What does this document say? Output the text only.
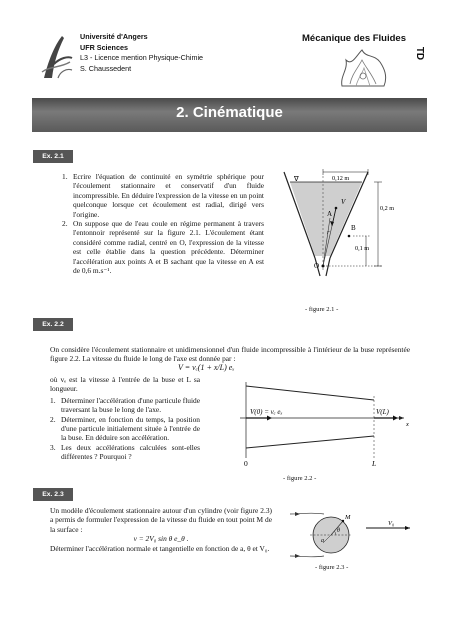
Université d'Angers
UFR Sciences
L3 - Licence mention Physique-Chimie
S. Chaussedent
Mécanique des Fluides
TD
2. Cinématique
Ex. 2.1
1. Ecrire l'équation de continuité en symétrie sphérique pour l'écoulement stationnaire et conservatif d'un fluide incompressible. En déduire l'expression de la vitesse en un point quelconque lorsque cet écoulement est radial, dirigé vers l'origine.
2. On suppose que de l'eau coule en régime permanent à travers l'entonnoir représenté sur la figure 2.1. L'écoulement étant considéré comme radial, centré en O, l'expression de la vitesse est celle établie dans la question précédente. Déterminer l'accélération aux points A et B sachant que la vitesse en A est de 0,6 m.s⁻¹.
∇	0,12 m
0,2 m
0,1 m
A
B
O
V
r
- figure 2.1 -
Ex. 2.2
On considère l'écoulement stationnaire et unidimensionnel d'un fluide incompressible à l'intérieur de la buse représentée figure 2.2. La vitesse du fluide le long de l'axe est donnée par :
V = vₑ(1 + x/L) eₓ
où vₑ est la vitesse à l'entrée de la buse et L sa longueur.
1. Déterminer l'accélération d'une particule fluide traversant la buse le long de l'axe.
2. Déterminer, en fonction du temps, la position d'une particule initialement située à l'entrée de la buse. En déduire son accélération.
3. Les deux accélérations calculées sont-elles différentes ? Pourquoi ?
V(0) = vₑ eₓ	V(L)
x
0	L
- figure 2.2 -
Ex. 2.3
Un modèle d'écoulement stationnaire autour d'un cylindre (voir figure 2.3) a permis de formuler l'expression de la vitesse du fluide en tout point M de la surface :
v = 2V₀ sin θ e_θ .
Déterminer l'accélération normale et tangentielle en fonction de a, θ et V₀.
M
θ
a
V₀
- figure 2.3 -
